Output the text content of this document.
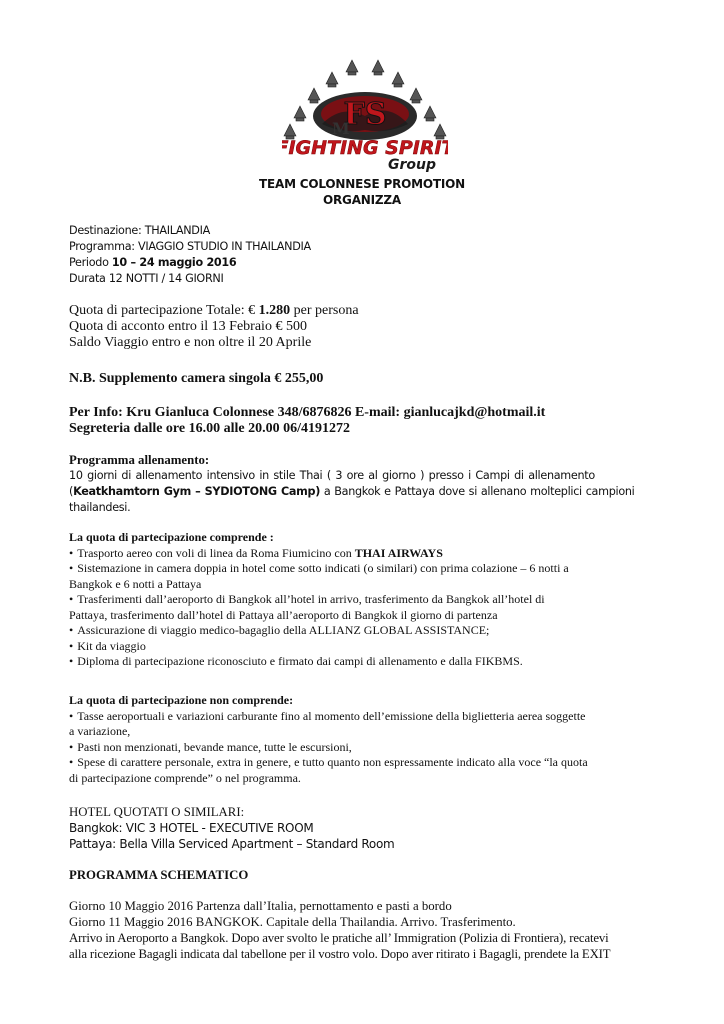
FS
M
FIGHTING SPIRIT
Group
TEAM COLONNESE PROMOTION
ORGANIZZA
Destinazione: THAILANDIA
Programma: VIAGGIO STUDIO IN THAILANDIA
Periodo 10 – 24 maggio 2016
Durata 12 NOTTI / 14 GIORNI
Quota di partecipazione Totale: € 1.280 per persona
Quota di acconto entro il 13 Febraio € 500
Saldo Viaggio entro e non oltre il 20 Aprile
N.B. Supplemento camera singola € 255,00
Per Info: Kru Gianluca Colonnese 348/6876826 E-mail: gianlucajkd@hotmail.it
Segreteria dalle ore 16.00 alle 20.00 06/4191272
Programma allenamento:
10 giorni di allenamento intensivo in stile Thai ( 3 ore al giorno ) presso i Campi di allenamento
(Keatkhamtorn Gym – SYDIOTONG Camp) a Bangkok e Pattaya dove si allenano molteplici campioni
thailandesi.
La quota di partecipazione comprende :
• Trasporto aereo con voli di linea da Roma Fiumicino con THAI AIRWAYS
• Sistemazione in camera doppia in hotel come sotto indicati (o similari) con prima colazione – 6 notti a
Bangkok e 6 notti a Pattaya
• Trasferimenti dall’aeroporto di Bangkok all’hotel in arrivo, trasferimento da Bangkok all’hotel di
Pattaya, trasferimento dall’hotel di Pattaya all’aeroporto di Bangkok il giorno di partenza
• Assicurazione di viaggio medico-bagaglio della ALLIANZ GLOBAL ASSISTANCE;
• Kit da viaggio
• Diploma di partecipazione riconosciuto e firmato dai campi di allenamento e dalla FIKBMS.
La quota di partecipazione non comprende:
• Tasse aeroportuali e variazioni carburante fino al momento dell’emissione della biglietteria aerea soggette
a variazione,
• Pasti non menzionati, bevande mance, tutte le escursioni,
• Spese di carattere personale, extra in genere, e tutto quanto non espressamente indicato alla voce “la quota
di partecipazione comprende” o nel programma.
HOTEL QUOTATI O SIMILARI:
Bangkok: VIC 3 HOTEL - EXECUTIVE ROOM
Pattaya: Bella Villa Serviced Apartment – Standard Room
PROGRAMMA SCHEMATICO
Giorno 10 Maggio 2016 Partenza dall’Italia, pernottamento e pasti a bordo
Giorno 11 Maggio 2016 BANGKOK. Capitale della Thailandia. Arrivo. Trasferimento.
Arrivo in Aeroporto a Bangkok. Dopo aver svolto le pratiche all’ Immigration (Polizia di Frontiera), recatevi
alla ricezione Bagagli indicata dal tabellone per il vostro volo. Dopo aver ritirato i Bagagli, prendete la EXIT
